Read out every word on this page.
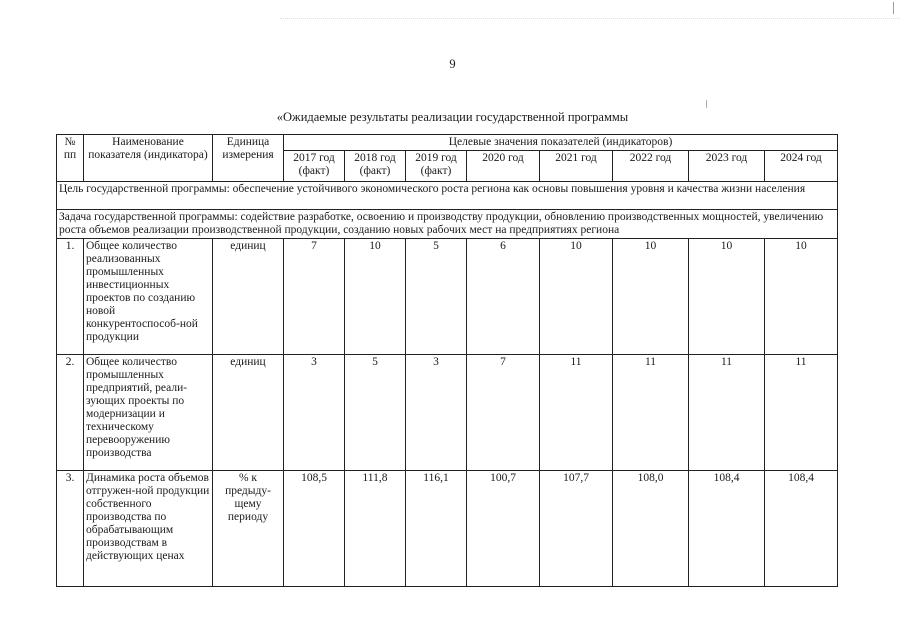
9
«Ожидаемые результаты реализации государственной программы
№ пп	Наименование показателя (индикатора)	Единица измерения	Целевые значения показателей (индикаторов)							
			2017 год (факт)	2018 год (факт)	2019 год (факт)	2020 год	2021 год	2022 год	2023 год	2024 год
Цель государственной программы: обеспечение устойчивого экономического роста региона как основы повышения уровня и качества жизни населения										
Задача государственной программы: содействие разработке, освоению и производству продукции, обновлению производственных мощностей, увеличению роста объемов реализации производственной продукции, созданию новых рабочих мест на предприятиях региона										
1.	Общее количество реализованных промышленных инвестиционных проектов по созданию новой конкурентоспособ-ной продукции	единиц	7	10	5	6	10	10	10	10
2.	Общее количество промышленных предприятий, реали-зующих проекты по модернизации и техническому перевооружению производства	единиц	3	5	3	7	11	11	11	11
3.	Динамика роста объемов отгружен-ной продукции собственного производства по обрабатывающим производствам в действующих ценах	% к предыду-щему периоду	108,5	111,8	116,1	100,7	107,7	108,0	108,4	108,4
